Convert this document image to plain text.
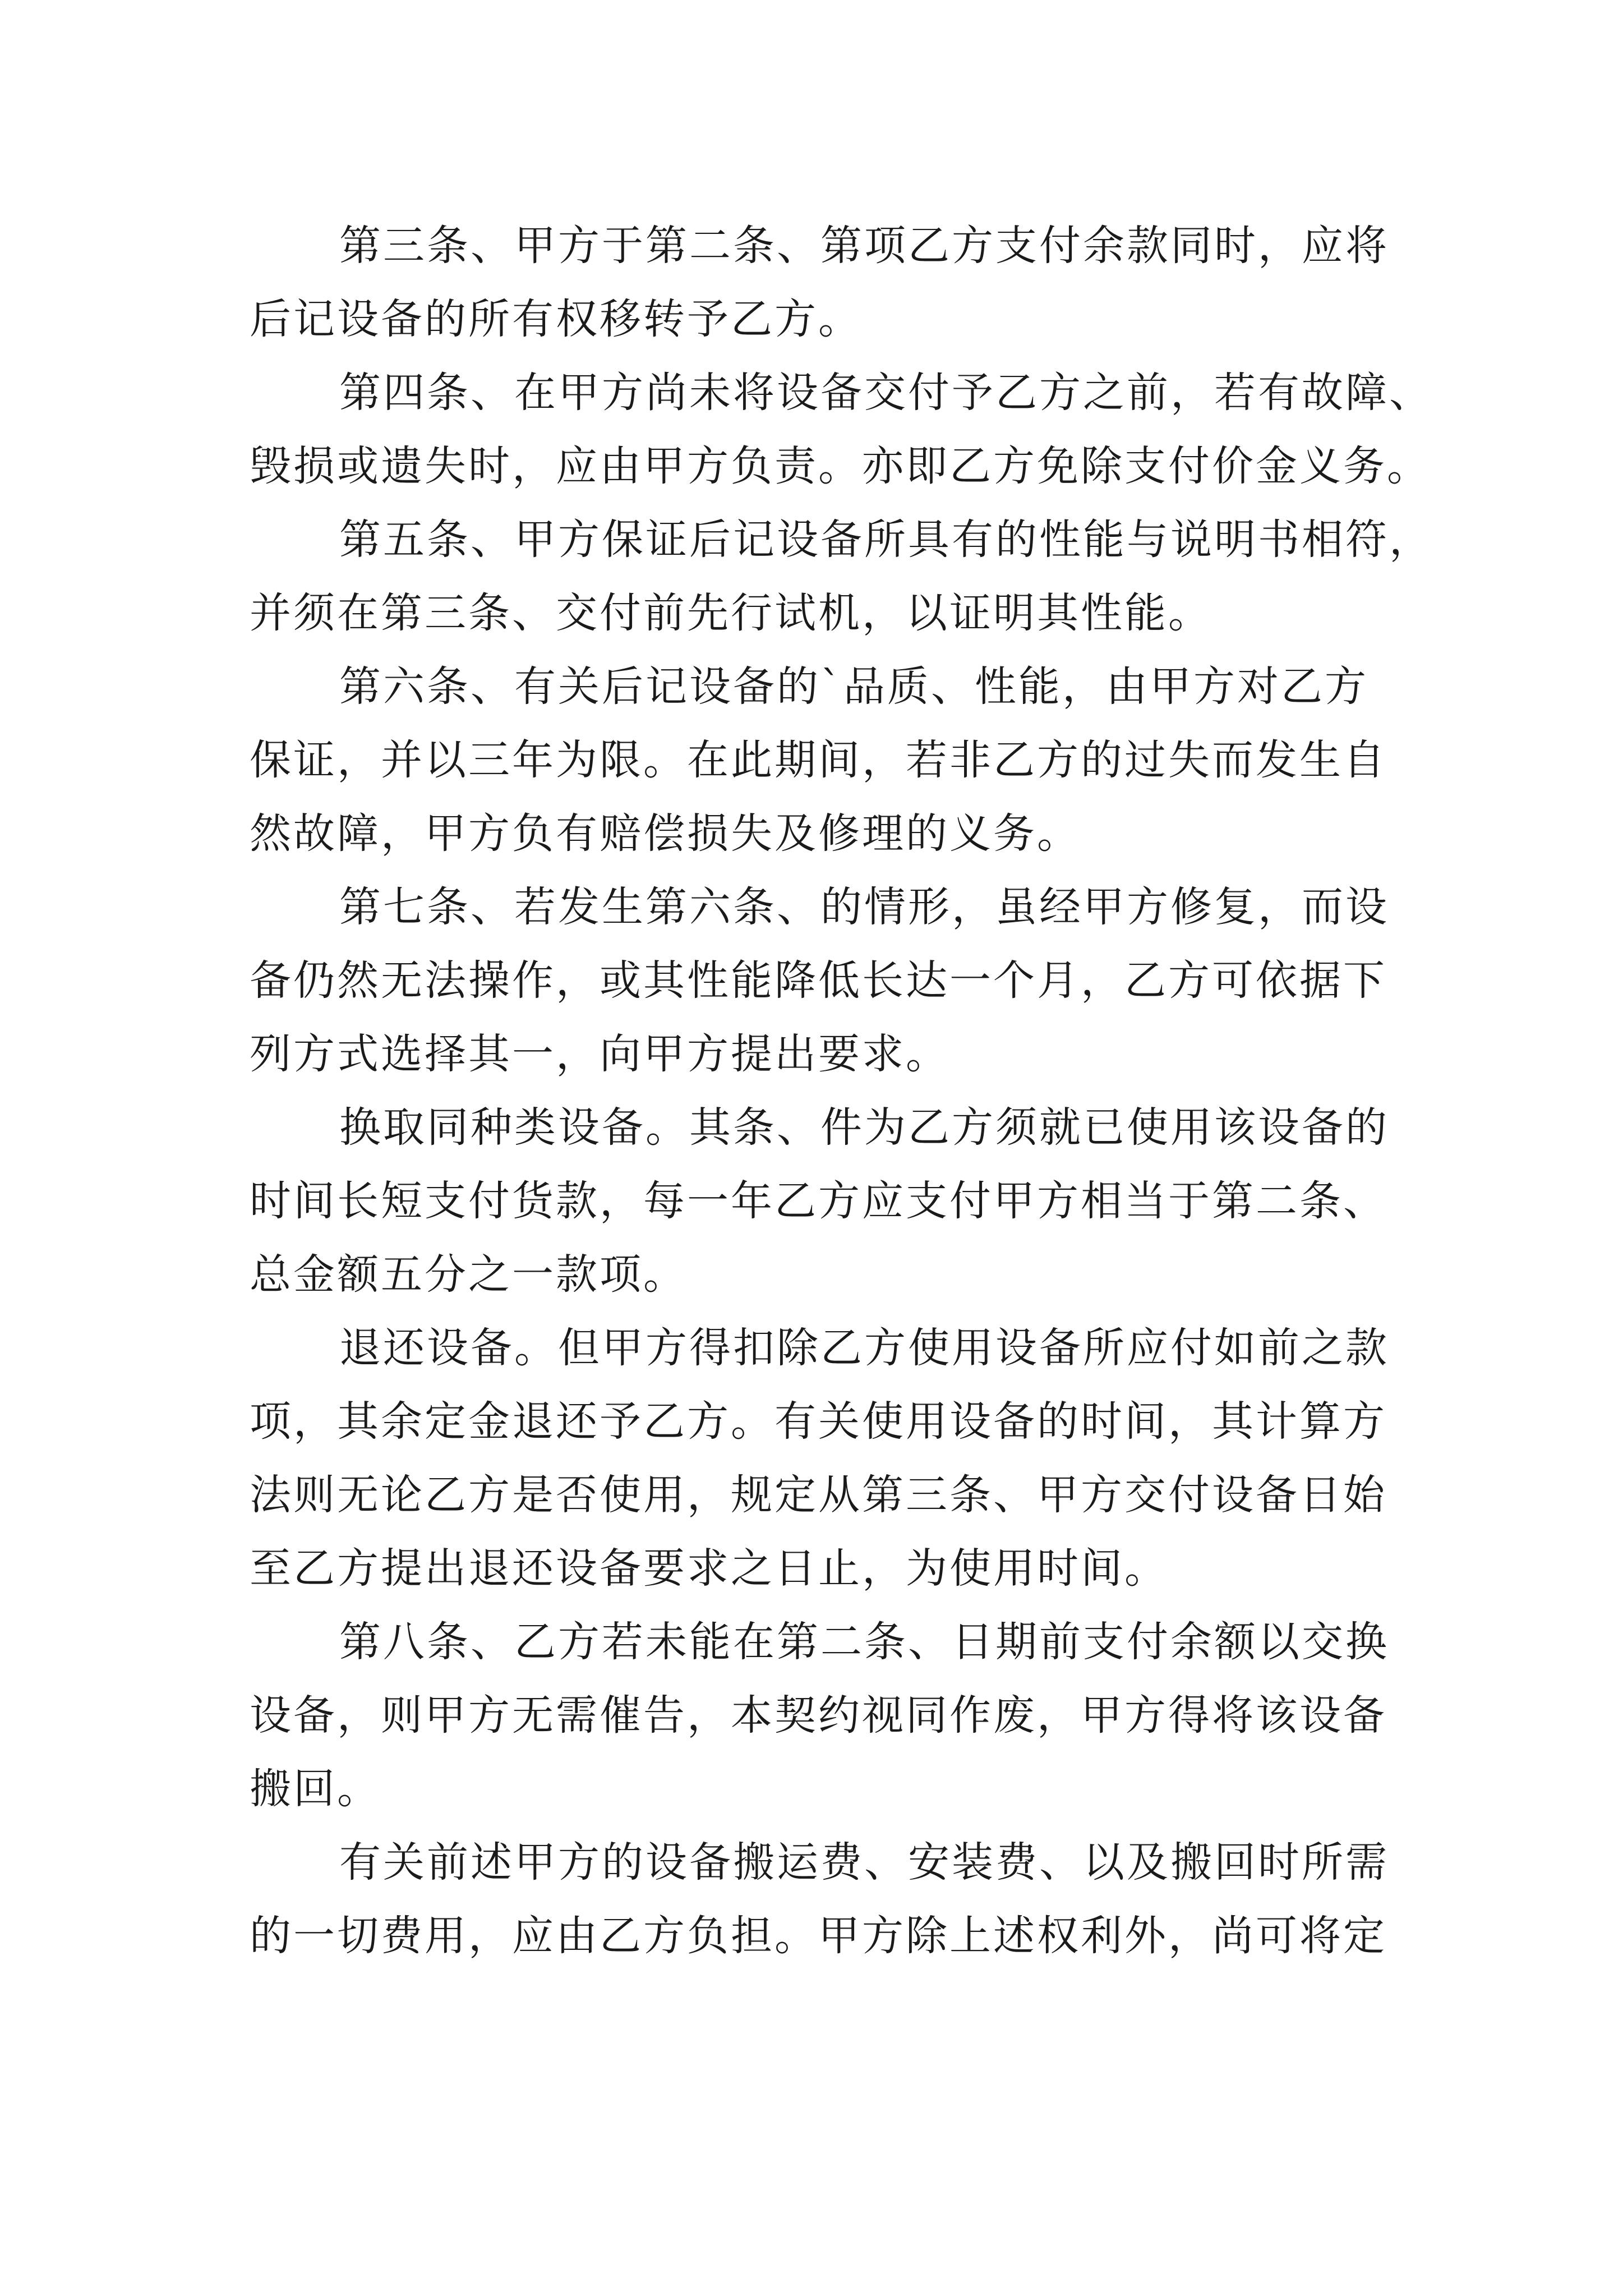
第三条、甲方于第二条、第项乙方支付余款同时，应将
后记设备的所有权移转予乙方。
第四条、在甲方尚未将设备交付予乙方之前，若有故障、
毁损或遗失时，应由甲方负责。亦即乙方免除支付价金义务。
第五条、甲方保证后记设备所具有的性能与说明书相符，
并须在第三条、交付前先行试机，以证明其性能。
第六条、有关后记设备的`品质、性能，由甲方对乙方
保证，并以三年为限。在此期间，若非乙方的过失而发生自
然故障，甲方负有赔偿损失及修理的义务。
第七条、若发生第六条、的情形，虽经甲方修复，而设
备仍然无法操作，或其性能降低长达一个月，乙方可依据下
列方式选择其一，向甲方提出要求。
换取同种类设备。其条、件为乙方须就已使用该设备的
时间长短支付货款，每一年乙方应支付甲方相当于第二条、
总金额五分之一款项。
退还设备。但甲方得扣除乙方使用设备所应付如前之款
项，其余定金退还予乙方。有关使用设备的时间，其计算方
法则无论乙方是否使用，规定从第三条、甲方交付设备日始
至乙方提出退还设备要求之日止，为使用时间。
第八条、乙方若未能在第二条、日期前支付余额以交换
设备，则甲方无需催告，本契约视同作废，甲方得将该设备
搬回。
有关前述甲方的设备搬运费、安装费、以及搬回时所需
的一切费用，应由乙方负担。甲方除上述权利外，尚可将定
